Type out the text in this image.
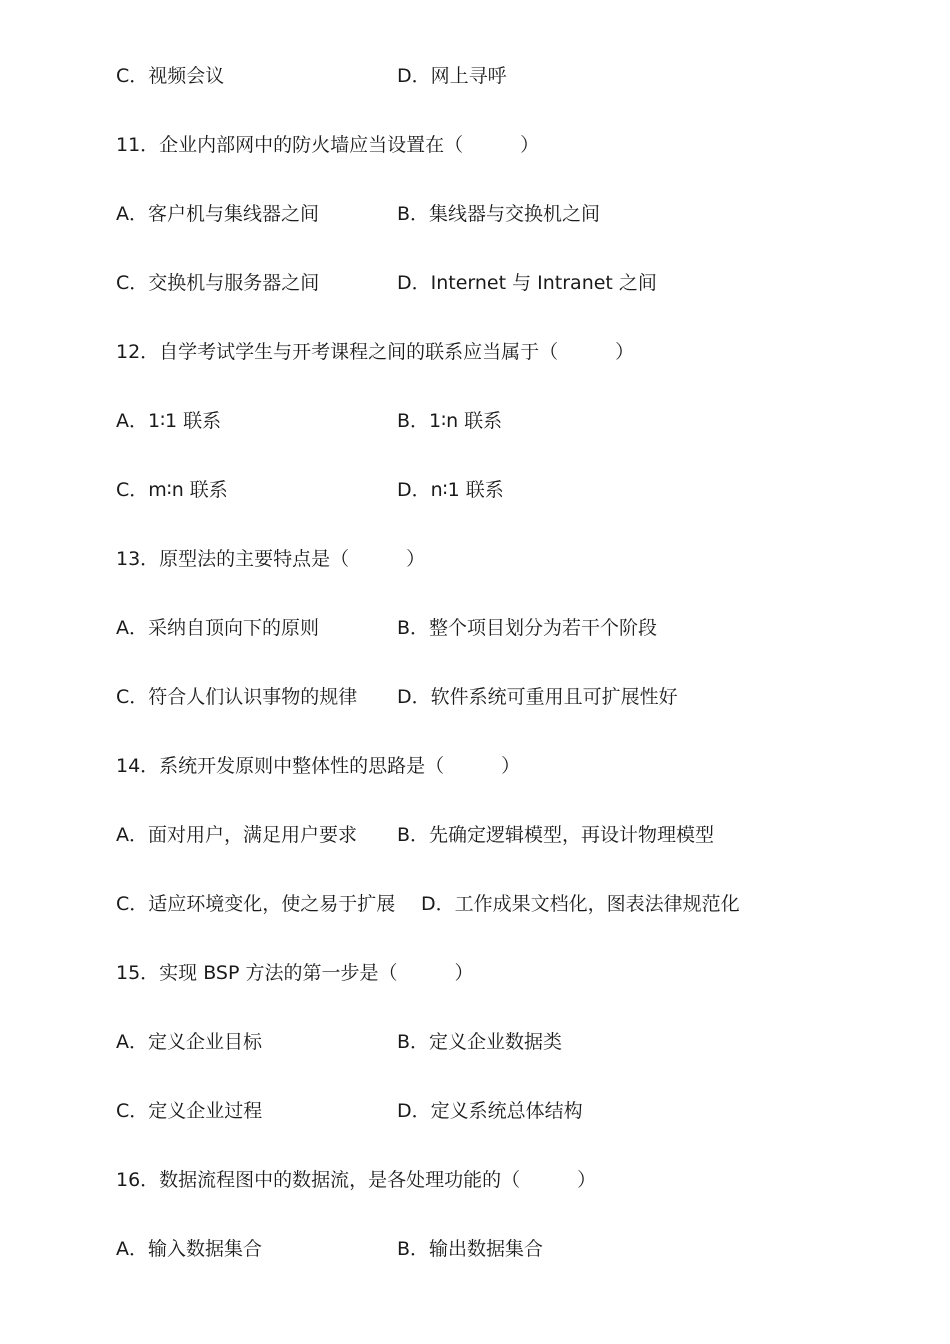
C．视频会议

	D．网上寻呼

11．企业内部网中的防火墙应当设置在（　　　）

A．客户机与集线器之间

	B．集线器与交换机之间

C．交换机与服务器之间

	D．Internet 与 Intranet 之间

12．自学考试学生与开考课程之间的联系应当属于（　　　）

A．1∶1 联系

	B．1∶n 联系

C．m∶n 联系

	D．n∶1 联系

13．原型法的主要特点是（　　　）

A．采纳自顶向下的原则

	B．整个项目划分为若干个阶段

C．符合人们认识事物的规律

D．软件系统可重用且可扩展性好

14．系统开发原则中整体性的思路是（　　　）

A．面对用户，满足用户要求

B．先确定逻辑模型，再设计物理模型

C．适应环境变化，使之易于扩展

D．工作成果文档化，图表法律规范化

15．实现 BSP 方法的第一步是（　　　）

A．定义企业目标

	B．定义企业数据类

C．定义企业过程

	D．定义系统总体结构

16．数据流程图中的数据流，是各处理功能的（　　　）

A．输入数据集合

	B．输出数据集合
